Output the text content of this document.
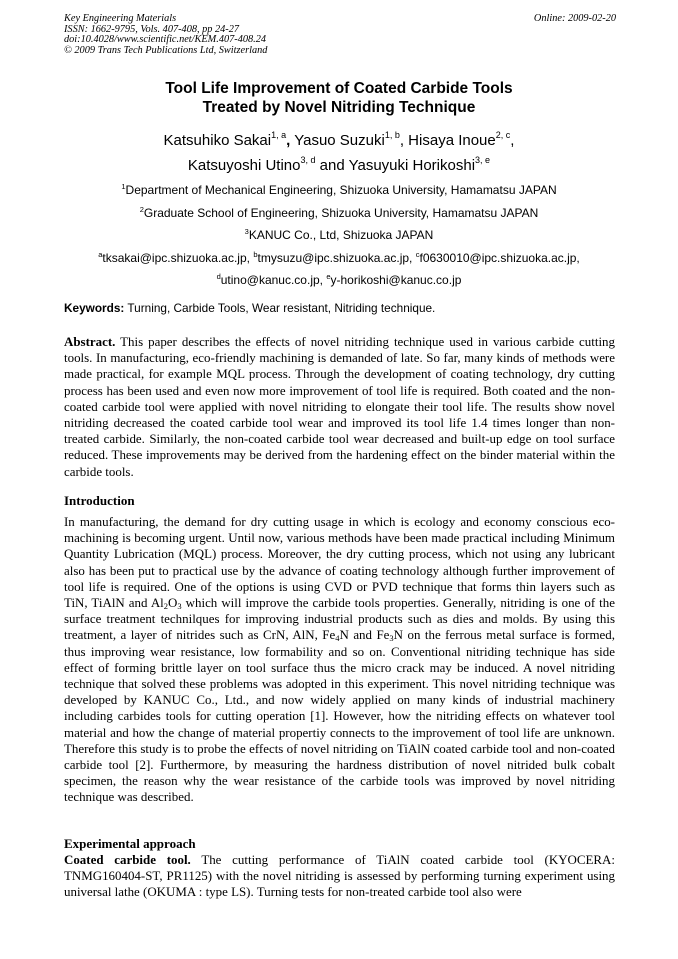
Key Engineering Materials
ISSN: 1662-9795, Vols. 407-408, pp 24-27
doi:10.4028/www.scientific.net/KEM.407-408.24
© 2009 Trans Tech Publications Ltd, Switzerland
Online: 2009-02-20
Tool Life Improvement of Coated Carbide Tools
Treated by Novel Nitriding Technique
Katsuhiko Sakai$^{1, a}$, Yasuo Suzuki$^{1, b}$, Hisaya Inoue$^{2, c}$,
Katsuyoshi Utino$^{3, d}$ and Yasuyuki Horikoshi$^{3, e}$
$^1$Department of Mechanical Engineering, Shizuoka University, Hamamatsu JAPAN
$^2$Graduate School of Engineering, Shizuoka University, Hamamatsu JAPAN
$^3$KANUC Co., Ltd, Shizuoka JAPAN
$^a$tksakai@ipc.shizuoka.ac.jp, $^b$tmysuzu@ipc.shizuoka.ac.jp, $^c$f0630010@ipc.shizuoka.ac.jp,
$^d$utino@kanuc.co.jp, $^e$y-horikoshi@kanuc.co.jp
Keywords: Turning, Carbide Tools, Wear resistant, Nitriding technique.
Abstract. This paper describes the effects of novel nitriding technique used in various carbide cutting tools. In manufacturing, eco-friendly machining is demanded of late. So far, many kinds of methods were made practical, for example MQL process. Through the development of coating technology, dry cutting process has been used and even now more improvement of tool life is required. Both coated and the non-coated carbide tool were applied with novel nitriding to elongate their tool life. The results show novel nitriding decreased the coated carbide tool wear and improved its tool life 1.4 times longer than non-treated carbide. Similarly, the non-coated carbide tool wear decreased and built-up edge on tool surface reduced. These improvements may be derived from the hardening effect on the binder material within the carbide tools.
Introduction
In manufacturing, the demand for dry cutting usage in which is ecology and economy conscious eco-machining is becoming urgent. Until now, various methods have been made practical including Minimum Quantity Lubrication (MQL) process. Moreover, the dry cutting process, which not using any lubricant also has been put to practical use by the advance of coating technology although further improvement of tool life is required. One of the options is using CVD or PVD technique that forms thin layers such as TiN, TiAlN and $Al_2O_3$ which will improve the carbide tools properties. Generally, nitriding is one of the surface treatment technilques for improving industrial products such as dies and molds. By using this treatment, a layer of nitrides such as CrN, AlN, $Fe_4N$ and $Fe_3N$ on the ferrous metal surface is formed, thus improving wear resistance, low formability and so on. Conventional nitriding technique has side effect of forming brittle layer on tool surface thus the micro crack may be induced. A novel nitriding technique that solved these problems was adopted in this experiment. This novel nitriding technique was developed by KANUC Co., Ltd., and now widely applied on many kinds of industrial machinery including carbides tools for cutting operation [1]. However, how the nitriding effects on whatever tool material and how the change of material propertiy connects to the improvement of tool life are unknown. Therefore this study is to probe the effects of novel nitriding on TiAlN coated carbide tool and non-coated carbide tool [2]. Furthermore, by measuring the hardness distribution of novel nitrided bulk cobalt specimen, the reason why the wear resistance of the carbide tools was improved by novel nitriding technique was described.
Experimental approach
Coated carbide tool. The cutting performance of TiAlN coated carbide tool (KYOCERA: TNMG160404-ST, PR1125) with the novel nitriding is assessed by performing turning experiment using universal lathe (OKUMA : type LS). Turning tests for non-treated carbide tool also were
